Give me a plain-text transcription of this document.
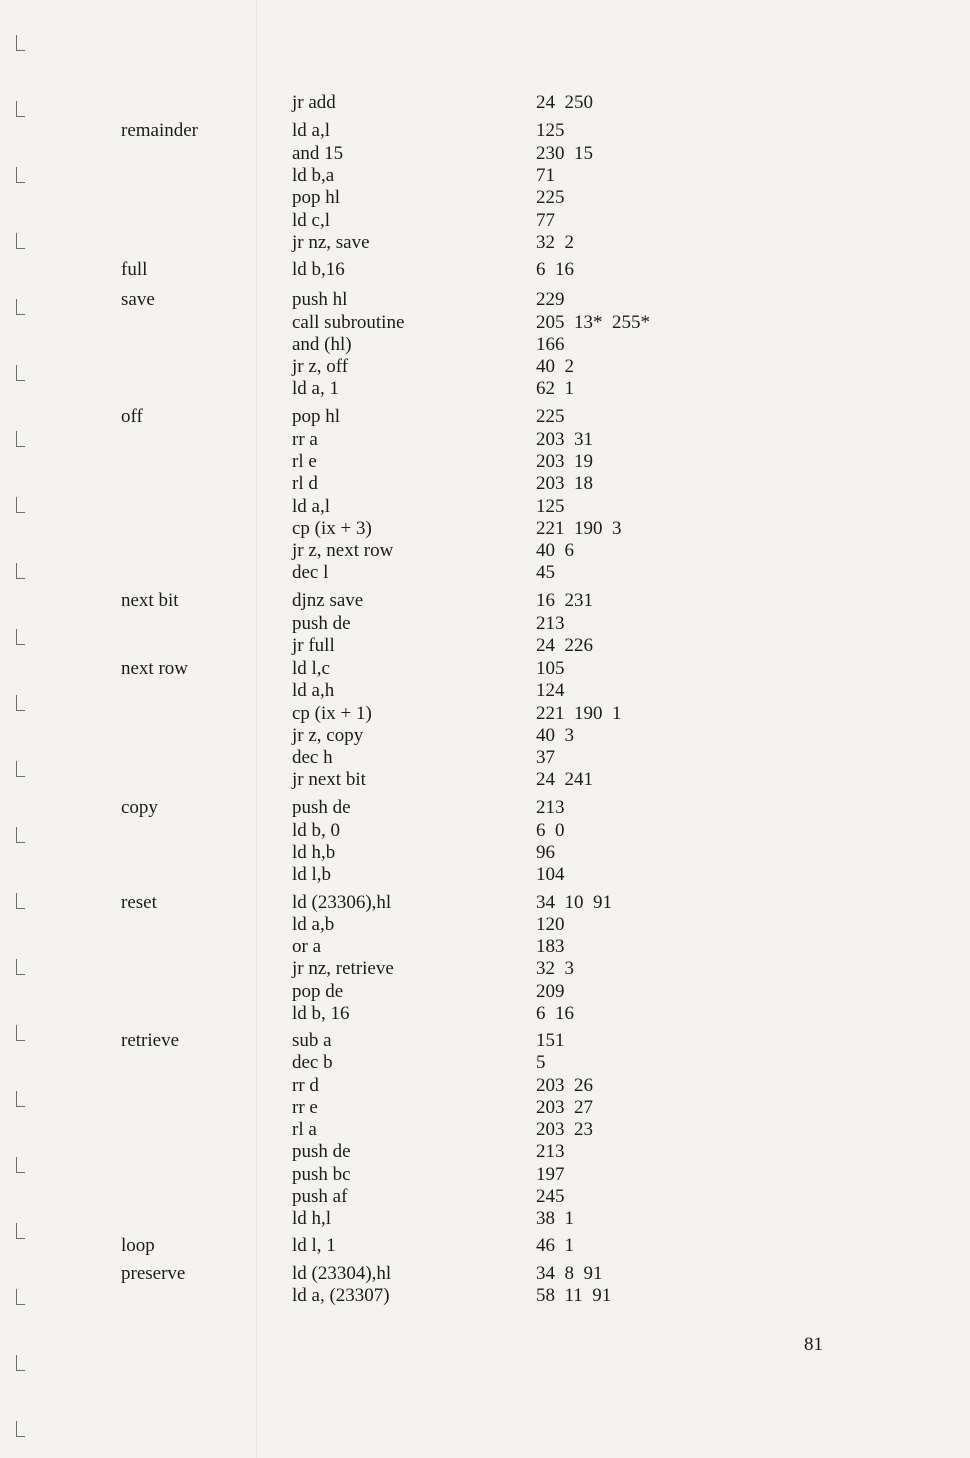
jr add	24  250
remainder	ld a,l	125
and 15	230  15
ld b,a	71
pop hl	225
ld c,l	77
jr nz, save	32  2
full	ld b,16	6  16
save	push hl	229
call subroutine	205  13*  255*
and (hl)	166
jr z, off	40  2
ld a, 1	62  1
off	pop hl	225
rr a	203  31
rl e	203  19
rl d	203  18
ld a,l	125
cp (ix + 3)	221  190  3
jr z, next row	40  6
dec l	45
next bit	djnz save	16  231
push de	213
jr full	24  226
next row	ld l,c	105
ld a,h	124
cp (ix + 1)	221  190  1
jr z, copy	40  3
dec h	37
jr next bit	24  241
copy	push de	213
ld b, 0	6  0
ld h,b	96
ld l,b	104
reset	ld (23306),hl	34  10  91
ld a,b	120
or a	183
jr nz, retrieve	32  3
pop de	209
ld b, 16	6  16
retrieve	sub a	151
dec b	5
rr d	203  26
rr e	203  27
rl a	203  23
push de	213
push bc	197
push af	245
ld h,l	38  1
loop	ld l, 1	46  1
preserve	ld (23304),hl	34  8  91
ld a, (23307)	58  11  91
81
